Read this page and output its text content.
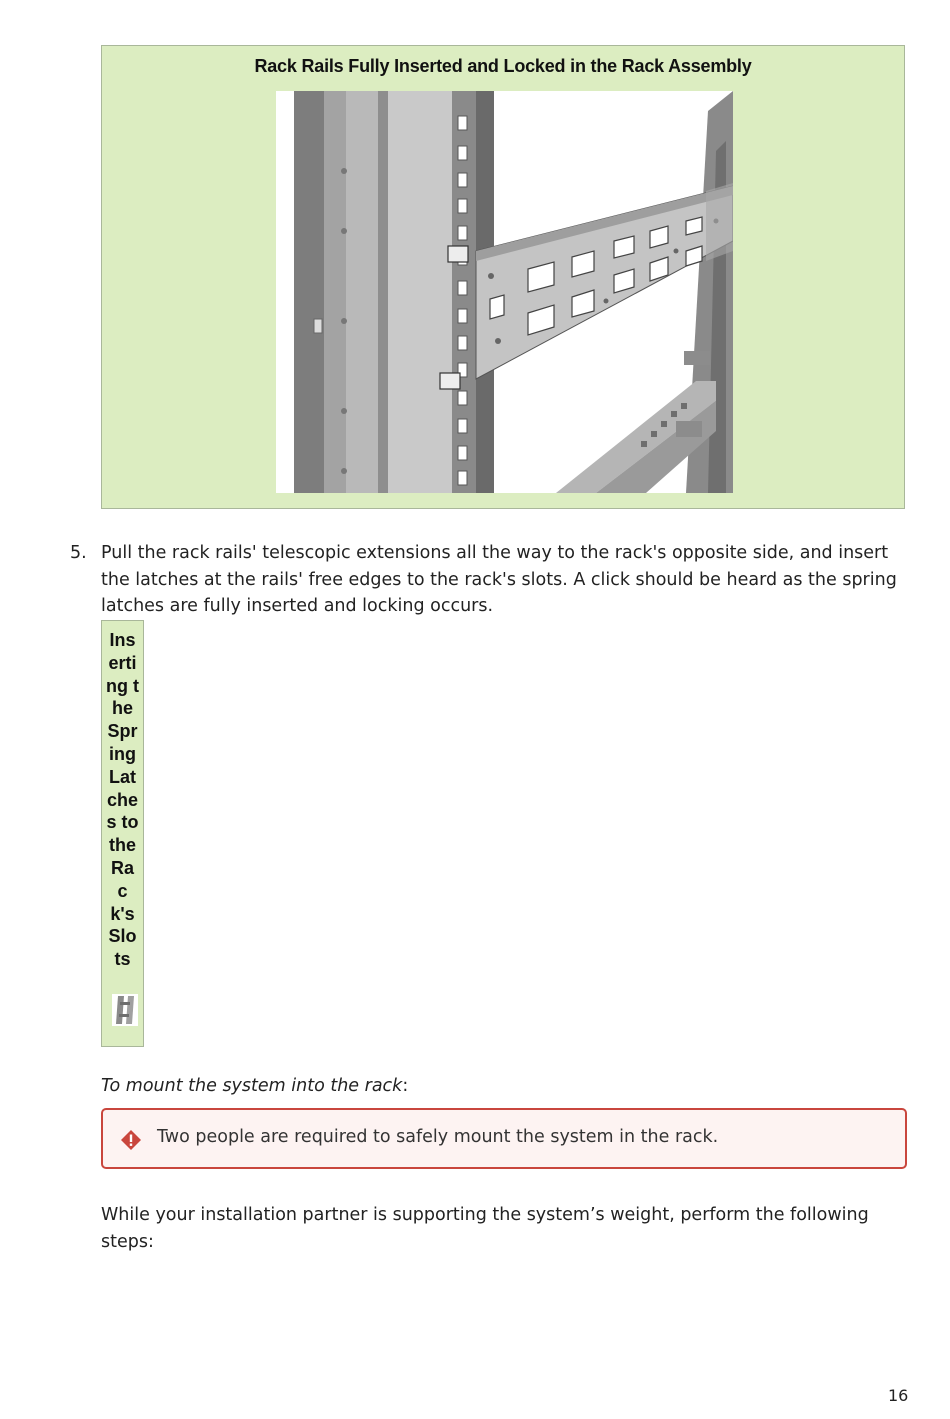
Rack Rails Fully Inserted and Locked in the Rack Assembly
5. Pull the rack rails' telescopic extensions all the way to the rack's opposite side, and insert the latches at the rails' free edges to the rack's slots. A click should be heard as the spring latches are fully inserted and locking occurs.
Inserting the Spring Latches to the Rack's Slots
To mount the system into the rack:
Two people are required to safely mount the system in the rack.
While your installation partner is supporting the system’s weight, perform the following steps:
16
